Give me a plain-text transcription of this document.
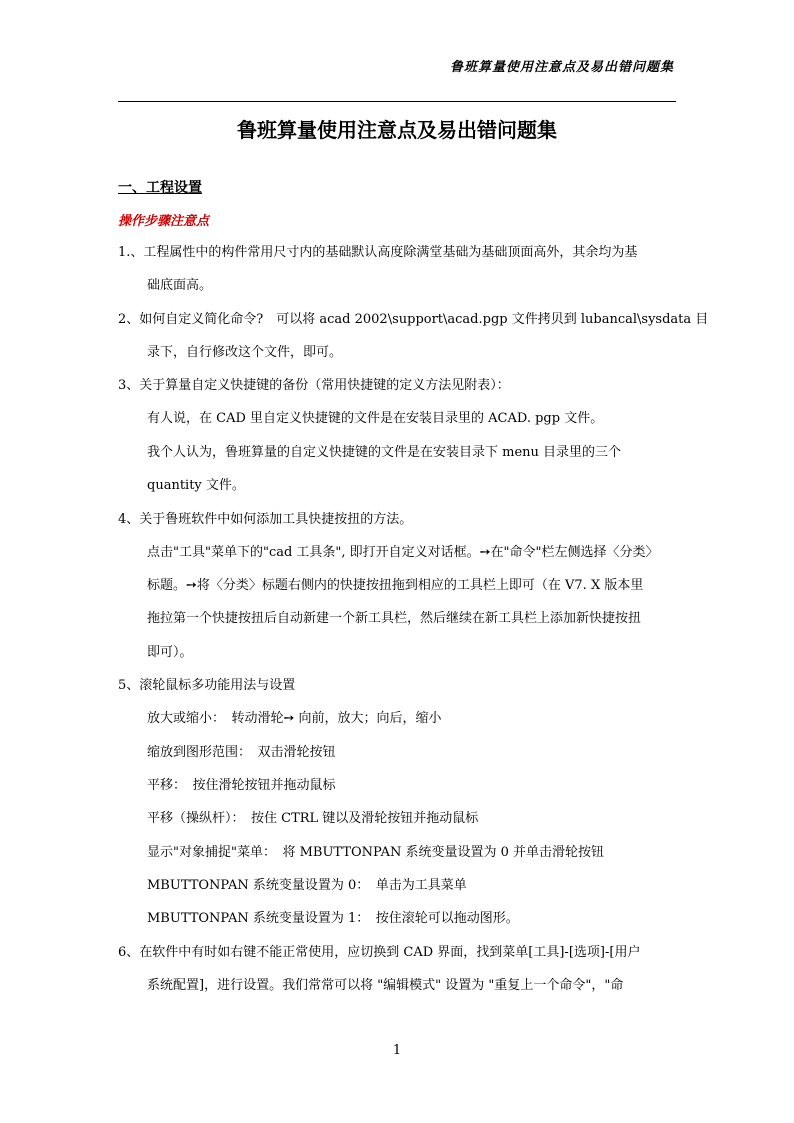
鲁班算量使用注意点及易出错问题集
鲁班算量使用注意点及易出错问题集
一、工程设置
操作步骤注意点
1.、工程属性中的构件常用尺寸内的基础默认高度除满堂基础为基础顶面高外，其余均为基
础底面高。
2、如何自定义简化命令?　可以将 acad 2002\support\acad.pgp 文件拷贝到 lubancal\sysdata 目
录下，自行修改这个文件，即可。
3、关于算量自定义快捷键的备份（常用快捷键的定义方法见附表）：
有人说，在 CAD 里自定义快捷键的文件是在安装目录里的 ACAD. pgp 文件。
我个人认为，鲁班算量的自定义快捷键的文件是在安装目录下 menu 目录里的三个
quantity 文件。
4、关于鲁班软件中如何添加工具快捷按扭的方法。
点击"工具"菜单下的"cad 工具条", 即打开自定义对话框。➙在"命令"栏左侧选择〈分类〉
标题。➙将〈分类〉标题右侧内的快捷按扭拖到相应的工具栏上即可（在 V7. X 版本里
拖拉第一个快捷按扭后自动新建一个新工具栏，然后继续在新工具栏上添加新快捷按扭
即可）。
5、滚轮鼠标多功能用法与设置
放大或缩小：　转动滑轮➙ 向前，放大；向后，缩小
缩放到图形范围：　双击滑轮按钮
平移：　按住滑轮按钮并拖动鼠标
平移（操纵杆）：　按住 CTRL 键以及滑轮按钮并拖动鼠标
显示"对象捕捉"菜单：　将 MBUTTONPAN 系统变量设置为 0 并单击滑轮按钮
MBUTTONPAN 系统变量设置为 0：　单击为工具菜单
MBUTTONPAN 系统变量设置为 1：　按住滚轮可以拖动图形。
6、在软件中有时如右键不能正常使用，应切换到 CAD 界面，找到菜单[工具]-[选项]-[用户
系统配置]，进行设置。我们常常可以将 "编辑模式" 设置为 "重复上一个命令"，"命
1
